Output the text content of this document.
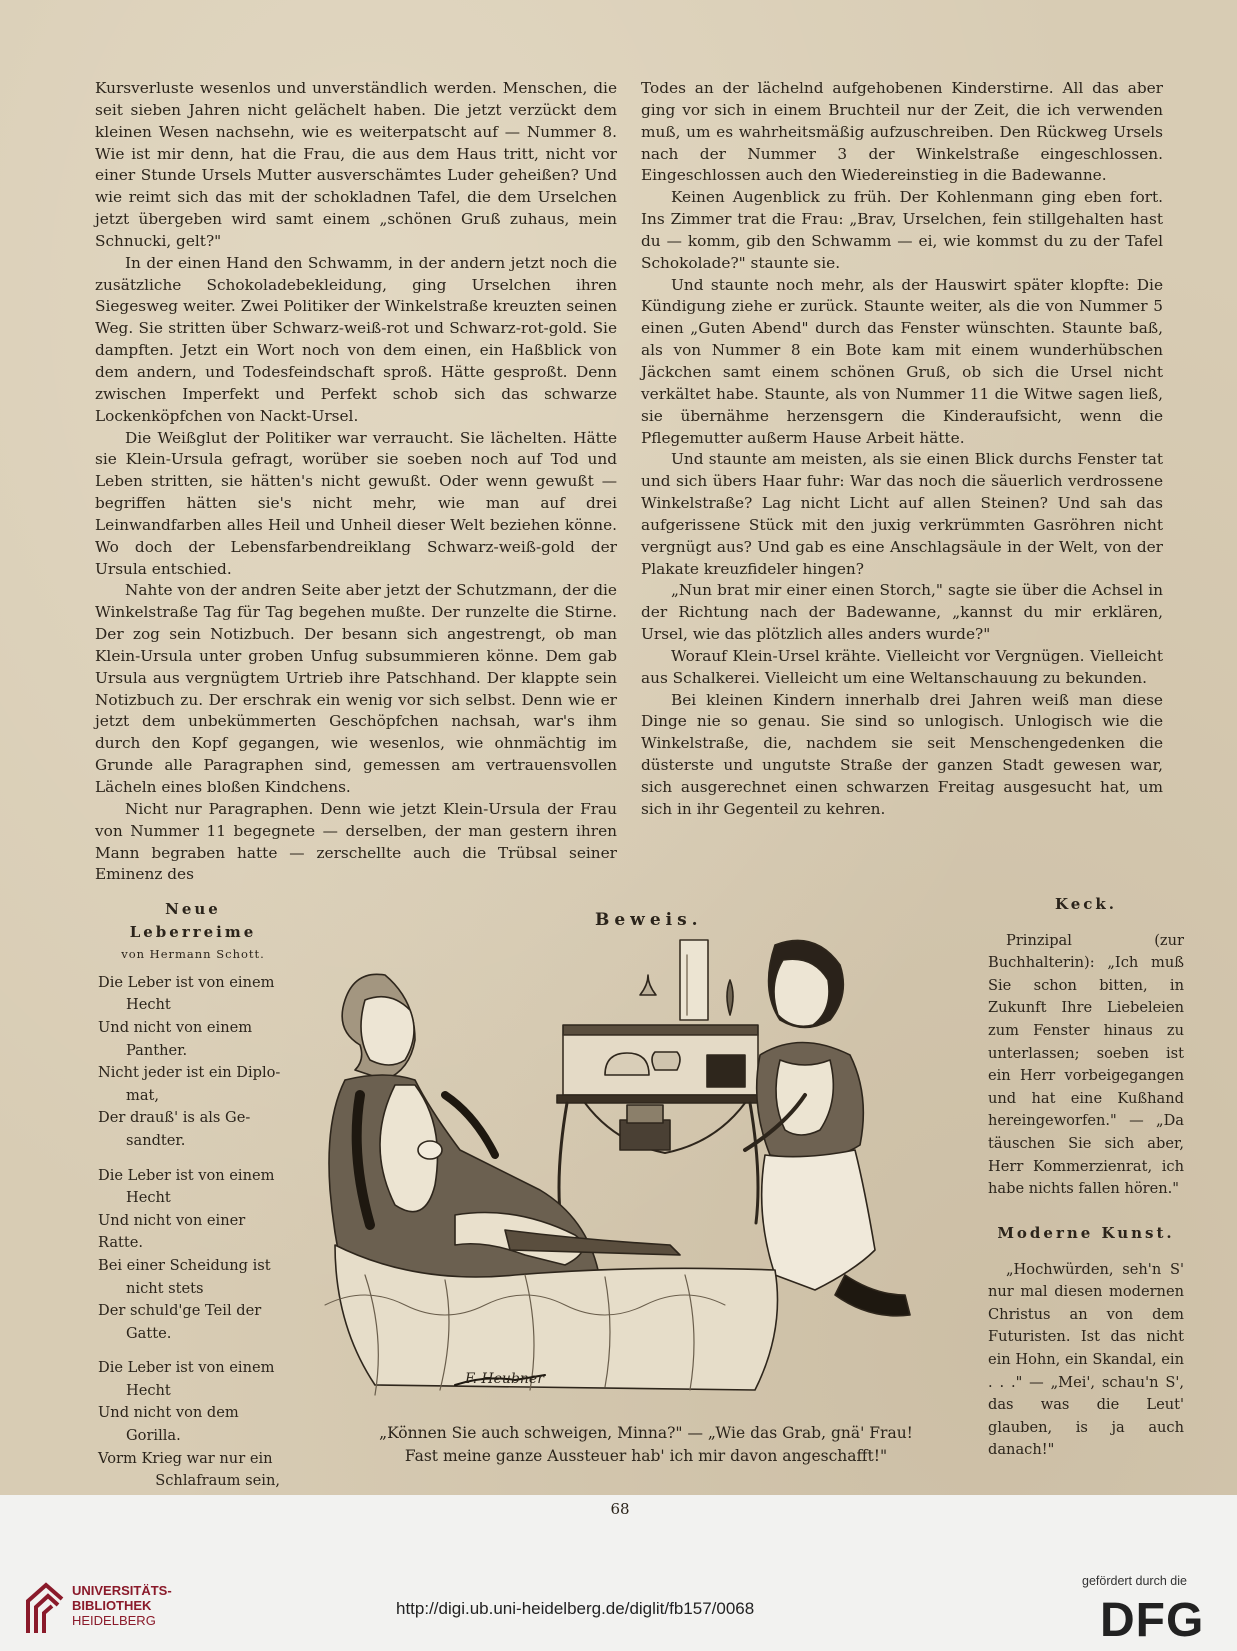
Kursverluste wesenlos und unverständlich werden. Menschen, die seit sieben Jahren nicht gelächelt haben. Die jetzt verzückt dem kleinen Wesen nachsehn, wie es weiterpatscht auf — Nummer 8. Wie ist mir denn, hat die Frau, die aus dem Haus tritt, nicht vor einer Stunde Ursels Mutter ausverschämtes Luder geheißen? Und wie reimt sich das mit der schokladnen Tafel, die dem Urselchen jetzt übergeben wird samt einem „schönen Gruß zuhaus, mein Schnucki, gelt?"

In der einen Hand den Schwamm, in der andern jetzt noch die zusätzliche Schokoladebekleidung, ging Urselchen ihren Siegesweg weiter. Zwei Politiker der Winkelstraße kreuzten seinen Weg. Sie stritten über Schwarz-weiß-rot und Schwarz-rot-gold. Sie dampften. Jetzt ein Wort noch von dem einen, ein Haßblick von dem andern, und Todesfeindschaft sproß. Hätte gesproßt. Denn zwischen Imperfekt und Perfekt schob sich das schwarze Lockenköpfchen von Nackt-Ursel.

Die Weißglut der Politiker war verraucht. Sie lächelten. Hätte sie Klein-Ursula gefragt, worüber sie soeben noch auf Tod und Leben stritten, sie hätten's nicht gewußt. Oder wenn gewußt — begriffen hätten sie's nicht mehr, wie man auf drei Leinwandfarben alles Heil und Unheil dieser Welt beziehen könne. Wo doch der Lebensfarbendreiklang Schwarz-weiß-gold der Ursula entschied.

Nahte von der andren Seite aber jetzt der Schutzmann, der die Winkelstraße Tag für Tag begehen mußte. Der runzelte die Stirne. Der zog sein Notizbuch. Der besann sich angestrengt, ob man Klein-Ursula unter groben Unfug subsummieren könne. Dem gab Ursula aus vergnügtem Urtrieb ihre Patschhand. Der klappte sein Notizbuch zu. Der erschrak ein wenig vor sich selbst. Denn wie er jetzt dem unbekümmerten Geschöpfchen nachsah, war's ihm durch den Kopf gegangen, wie wesenlos, wie ohnmächtig im Grunde alle Paragraphen sind, gemessen am vertrauensvollen Lächeln eines bloßen Kindchens.

Nicht nur Paragraphen. Denn wie jetzt Klein-Ursula der Frau von Nummer 11 begegnete — derselben, der man gestern ihren Mann begraben hatte — zerschellte auch die Trübsal seiner Eminenz des

Todes an der lächelnd aufgehobenen Kinderstirne. All das aber ging vor sich in einem Bruchteil nur der Zeit, die ich verwenden muß, um es wahrheitsmäßig aufzuschreiben. Den Rückweg Ursels nach der Nummer 3 der Winkelstraße eingeschlossen. Eingeschlossen auch den Wiedereinstieg in die Badewanne.

Keinen Augenblick zu früh. Der Kohlenmann ging eben fort. Ins Zimmer trat die Frau: „Brav, Urselchen, fein stillgehalten hast du — komm, gib den Schwamm — ei, wie kommst du zu der Tafel Schokolade?" staunte sie.

Und staunte noch mehr, als der Hauswirt später klopfte: Die Kündigung ziehe er zurück. Staunte weiter, als die von Nummer 5 einen „Guten Abend" durch das Fenster wünschten. Staunte baß, als von Nummer 8 ein Bote kam mit einem wunderhübschen Jäckchen samt einem schönen Gruß, ob sich die Ursel nicht verkältet habe. Staunte, als von Nummer 11 die Witwe sagen ließ, sie übernähme herzensgern die Kinderaufsicht, wenn die Pflegemutter außerm Hause Arbeit hätte.

Und staunte am meisten, als sie einen Blick durchs Fenster tat und sich übers Haar fuhr: War das noch die säuerlich verdrossene Winkelstraße? Lag nicht Licht auf allen Steinen? Und sah das aufgerissene Stück mit den juxig verkrümmten Gasröhren nicht vergnügt aus? Und gab es eine Anschlagsäule in der Welt, von der Plakate kreuzfideler hingen?

„Nun brat mir einer einen Storch," sagte sie über die Achsel in der Richtung nach der Badewanne, „kannst du mir erklären, Ursel, wie das plötzlich alles anders wurde?"

Worauf Klein-Ursel krähte. Vielleicht vor Vergnügen. Vielleicht aus Schalkerei. Vielleicht um eine Weltanschauung zu bekunden.

Bei kleinen Kindern innerhalb drei Jahren weiß man diese Dinge nie so genau. Sie sind so unlogisch. Unlogisch wie die Winkelstraße, die, nachdem sie seit Menschengedenken die düsterste und ungutste Straße der ganzen Stadt gewesen war, sich ausgerechnet einen schwarzen Freitag ausgesucht hat, um sich in ihr Gegenteil zu kehren.

Neue Leberreime
von Hermann Schott.
Die Leber ist von einem
Hecht
Und nicht von einem
Panther.
Nicht jeder ist ein Diplo-
mat,
Der drauß' is als Ge-
sandter.
Die Leber ist von einem
Hecht
Und nicht von einer Ratte.
Bei einer Scheidung ist
nicht stets
Der schuld'ge Teil der
Gatte.
Die Leber ist von einem
Hecht
Und nicht von dem
Gorilla.
Vorm Krieg war nur ein
Schlafraum sein,
Beweis.
F. Heubner
„Können Sie auch schweigen, Minna?" — „Wie das Grab, gnä' Frau!
Fast meine ganze Aussteuer hab' ich mir davon angeschafft!"
Keck.
Prinzipal (zur Buchhalterin): „Ich muß Sie schon bitten, in Zukunft Ihre Liebeleien zum Fenster hinaus zu unterlassen; soeben ist ein Herr vorbeigegangen und hat eine Kußhand hereingeworfen." — „Da täuschen Sie sich aber, Herr Kommerzienrat, ich habe nichts fallen hören."
Moderne Kunst.
„Hochwürden, seh'n S' nur mal diesen modernen Christus an von dem Futuristen. Ist das nicht ein Hohn, ein Skandal, ein . . ." — „Mei', schau'n S', das was die Leut' glauben, is ja auch danach!"
68
UNIVERSITÄTS-
BIBLIOTHEK
HEIDELBERG
http://digi.ub.uni-heidelberg.de/diglit/fb157/0068
gefördert durch die
DFG
